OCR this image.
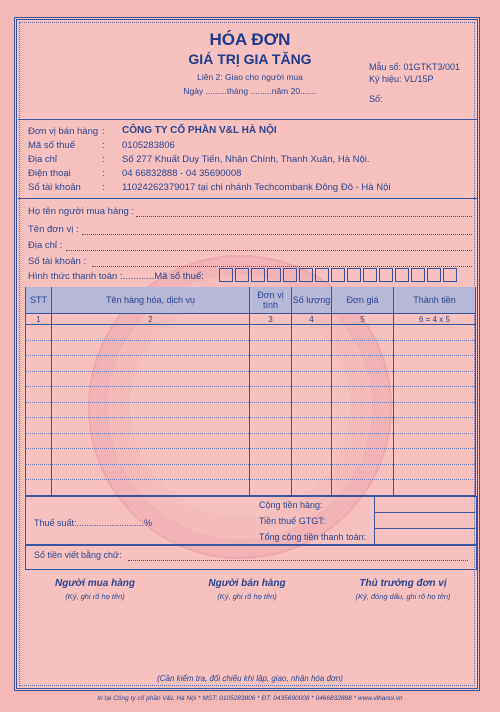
HÓA ĐƠN
GIÁ TRỊ GIA TĂNG
Liên 2: Giao cho người mua
Ngày .........tháng .........năm 20.......
Mẫu số: 01GTKT3/001
Ký hiệu: VL/15P
Số:
Đơn vị bán hàng : CÔNG TY CỔ PHẦN V&L HÀ NỘI
Mã số thuế	: 0105283806
Địa chỉ	: Số 277 Khuất Duy Tiến, Nhân Chính, Thanh Xuân, Hà Nội.
Điện thoại	: 04 66832888 - 04 35690008
Số tài khoản : 11024262379017 tại chi nhánh Techcombank Đông Đô - Hà Nội
Họ tên người mua hàng :
Tên đơn vị :
Địa chỉ :
Số tài khoản :
Hình thức thanh toán :............Mã số thuế:
STT	Tên hàng hóa, dịch vụ	Đơn vị tính	Số lượng	Đơn giá	Thành tiền
1	2	3	4	5	6 = 4 x 5

Cộng tiền hàng:
Thuế suất:...........................%	Tiền thuế GTGT:
Tổng cộng tiền thanh toán:
Số tiền viết bằng chữ:
Người mua hàng
(Ký, ghi rõ họ tên)
Người bán hàng
(Ký, ghi rõ họ tên)
Thủ trưởng đơn vị
(Ký, đóng dấu, ghi rõ họ tên)
(Cần kiểm tra, đối chiếu khi lập, giao, nhận hóa đơn)
In tại Công ty cổ phần V&L Hà Nội * MST: 0105283806 * ĐT: 0435690008 * 0466832888 * www.vlhanoi.vn
